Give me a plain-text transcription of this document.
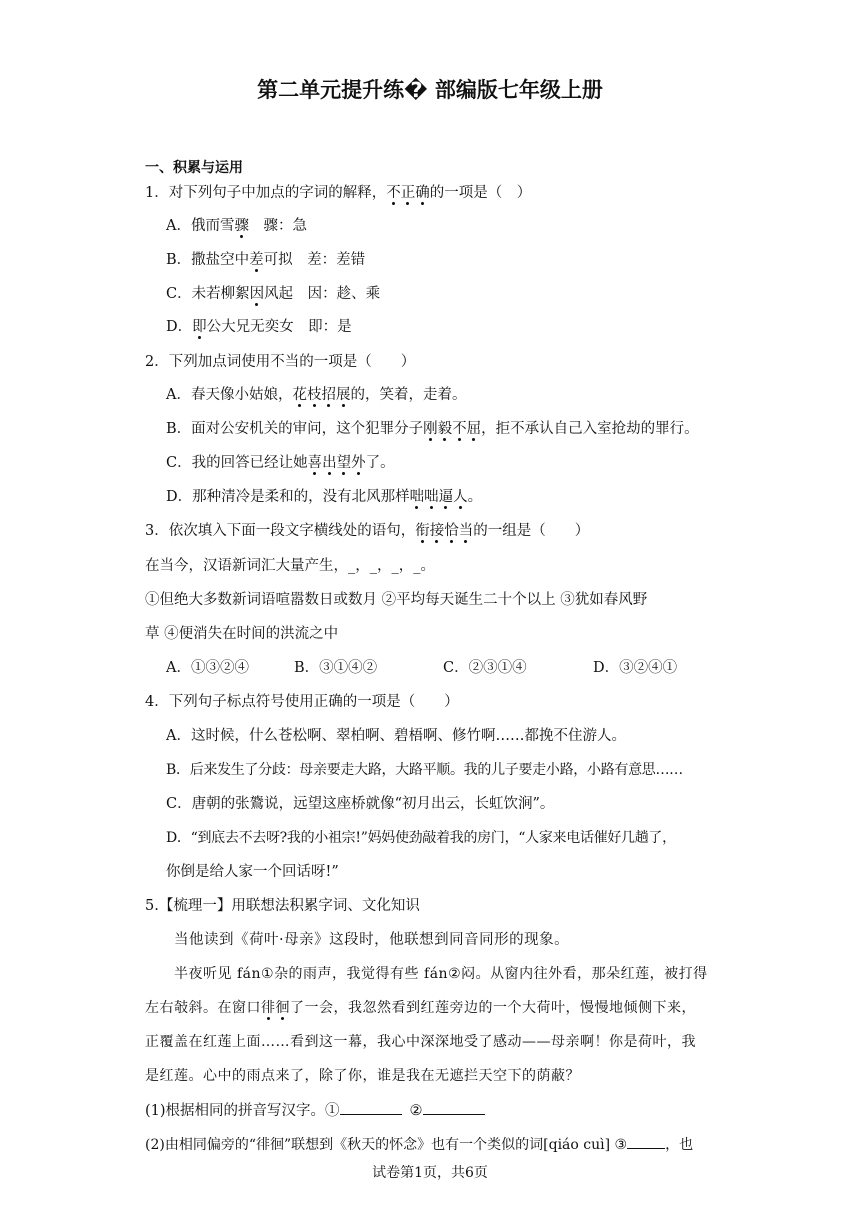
第二单元提升练� 部编版七年级上册
一、积累与运用
1．对下列句子中加点的字词的解释，不正确的一项是（　）
A．俄而雪骤　骤：急
B．撒盐空中差可拟　差：差错
C．未若柳絮因风起　因：趁、乘
D．即公大兄无奕女　即：是
2．下列加点词使用不当的一项是（　　）
A．春天像小姑娘，花枝招展的，笑着，走着。
B．面对公安机关的审问，这个犯罪分子刚毅不屈，拒不承认自己入室抢劫的罪行。
C．我的回答已经让她喜出望外了。
D．那种清冷是柔和的，没有北风那样咄咄逼人。
3．依次填入下面一段文字横线处的语句，衔接恰当的一组是（　　）
在当今，汉语新词汇大量产生，_，_，_，_。
①但绝大多数新词语喧嚣数日或数月 ②平均每天诞生二十个以上 ③犹如春风野
草 ④便消失在时间的洪流之中
A．①③②④	B．③①④②	C．②③①④	D．③②④①
4．下列句子标点符号使用正确的一项是（　　）
A．这时候，什么苍松啊、翠柏啊、碧梧啊、修竹啊……都挽不住游人。
B．后来发生了分歧：母亲要走大路，大路平顺。我的儿子要走小路，小路有意思……
C．唐朝的张鷟说，远望这座桥就像“初月出云，长虹饮涧”。
D．“到底去不去呀?我的小祖宗!”妈妈使劲敲着我的房门，“人家来电话催好几趟了，
你倒是给人家一个回话呀!”
5.【梳理一】用联想法积累字词、文化知识
当他读到《荷叶·母亲》这段时，他联想到同音同形的现象。
半夜听见 fán①杂的雨声，我觉得有些 fán②闷。从窗内往外看，那朵红莲，被打得
左右攲斜。在窗口徘徊了一会，我忽然看到红莲旁边的一个大荷叶，慢慢地倾侧下来，
正覆盖在红莲上面……看到这一幕，我心中深深地受了感动——母亲啊！你是荷叶，我
是红莲。心中的雨点来了，除了你，谁是我在无遮拦天空下的荫蔽？
(1)根据相同的拼音写汉字。①	②
(2)由相同偏旁的“徘徊”联想到《秋天的怀念》也有一个类似的词[qiáo cuì] ③	，也
试卷第1页，共6页
